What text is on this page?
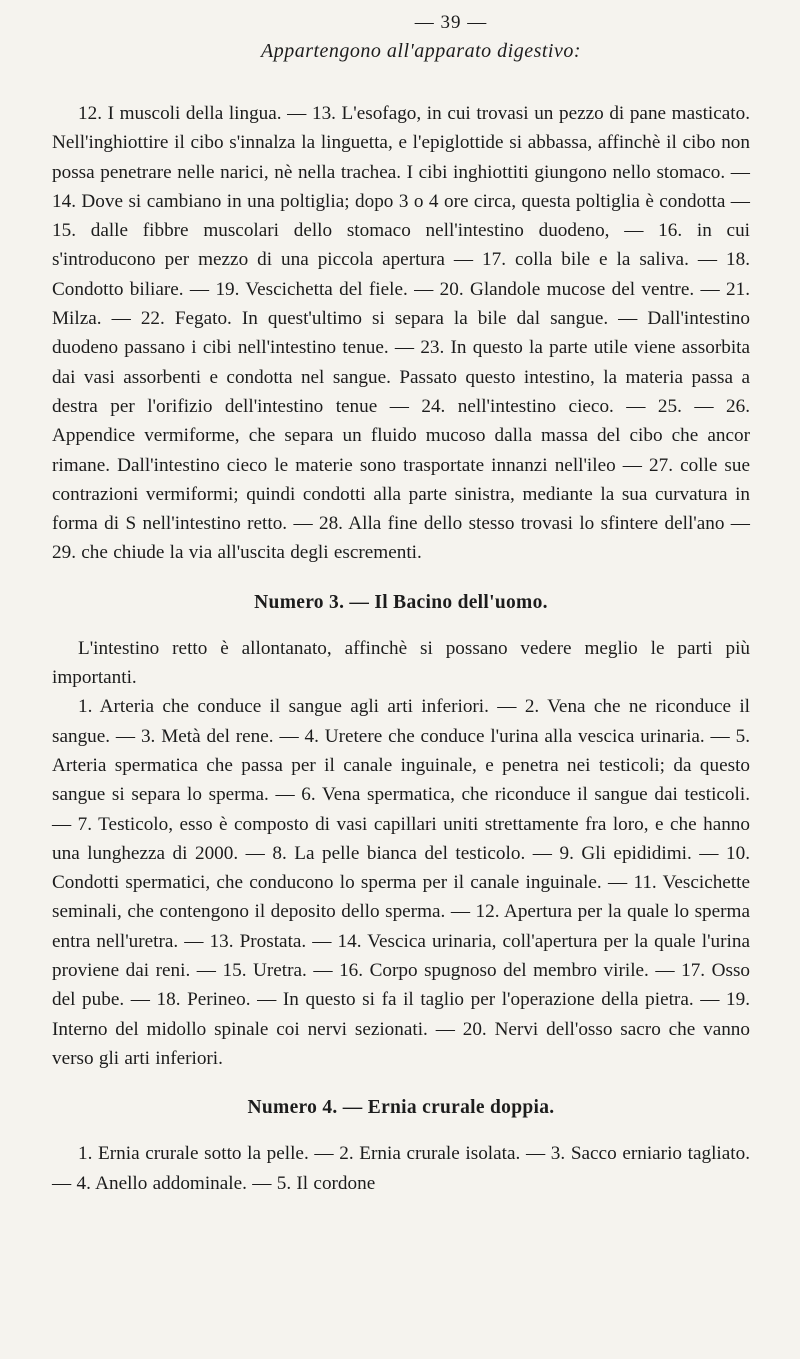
— 39 —
Appartengono all'apparato digestivo:

12. I muscoli della lingua. — 13. L'esofago, in cui trovasi un pezzo di pane masticato. Nell'inghiottire il cibo s'innalza la linguetta, e l'epiglottide si abbassa, affinchè il cibo non possa penetrare nelle narici, nè nella trachea. I cibi inghiottiti giungono nello stomaco. — 14. Dove si cambiano in una poltiglia; dopo 3 o 4 ore circa, questa poltiglia è condotta — 15. dalle fibbre muscolari dello stomaco nell'intestino duodeno, — 16. in cui s'introducono per mezzo di una piccola apertura — 17. colla bile e la saliva. — 18. Condotto biliare. — 19. Vescichetta del fiele. — 20. Glandole mucose del ventre. — 21. Milza. — 22. Fegato. In quest'ultimo si separa la bile dal sangue. — Dall'intestino duodeno passano i cibi nell'intestino tenue. — 23. In questo la parte utile viene assorbita dai vasi assorbenti e condotta nel sangue. Passato questo intestino, la materia passa a destra per l'orifizio dell'intestino tenue — 24. nell'intestino cieco. — 25. — 26. Appendice vermiforme, che separa un fluido mucoso dalla massa del cibo che ancor rimane. Dall'intestino cieco le materie sono trasportate innanzi nell'ileo — 27. colle sue contrazioni vermiformi; quindi condotti alla parte sinistra, mediante la sua curvatura in forma di S nell'intestino retto. — 28. Alla fine dello stesso trovasi lo sfintere dell'ano — 29. che chiude la via all'uscita degli escrementi.

Numero 3. — Il Bacino dell'uomo.

L'intestino retto è allontanato, affinchè si possano vedere meglio le parti più importanti.

1. Arteria che conduce il sangue agli arti inferiori. — 2. Vena che ne riconduce il sangue. — 3. Metà del rene. — 4. Uretere che conduce l'urina alla vescica urinaria. — 5. Arteria spermatica che passa per il canale inguinale, e penetra nei testicoli; da questo sangue si separa lo sperma. — 6. Vena spermatica, che riconduce il sangue dai testicoli. — 7. Testicolo, esso è composto di vasi capillari uniti strettamente fra loro, e che hanno una lunghezza di 2000. — 8. La pelle bianca del testicolo. — 9. Gli epididimi. — 10. Condotti spermatici, che conducono lo sperma per il canale inguinale. — 11. Vescichette seminali, che contengono il deposito dello sperma. — 12. Apertura per la quale lo sperma entra nell'uretra. — 13. Prostata. — 14. Vescica urinaria, coll'apertura per la quale l'urina proviene dai reni. — 15. Uretra. — 16. Corpo spugnoso del membro virile. — 17. Osso del pube. — 18. Perineo. — In questo si fa il taglio per l'operazione della pietra. — 19. Interno del midollo spinale coi nervi sezionati. — 20. Nervi dell'osso sacro che vanno verso gli arti inferiori.

Numero 4. — Ernia crurale doppia.

1. Ernia crurale sotto la pelle. — 2. Ernia crurale isolata. — 3. Sacco erniario tagliato. — 4. Anello addominale. — 5. Il cordone
